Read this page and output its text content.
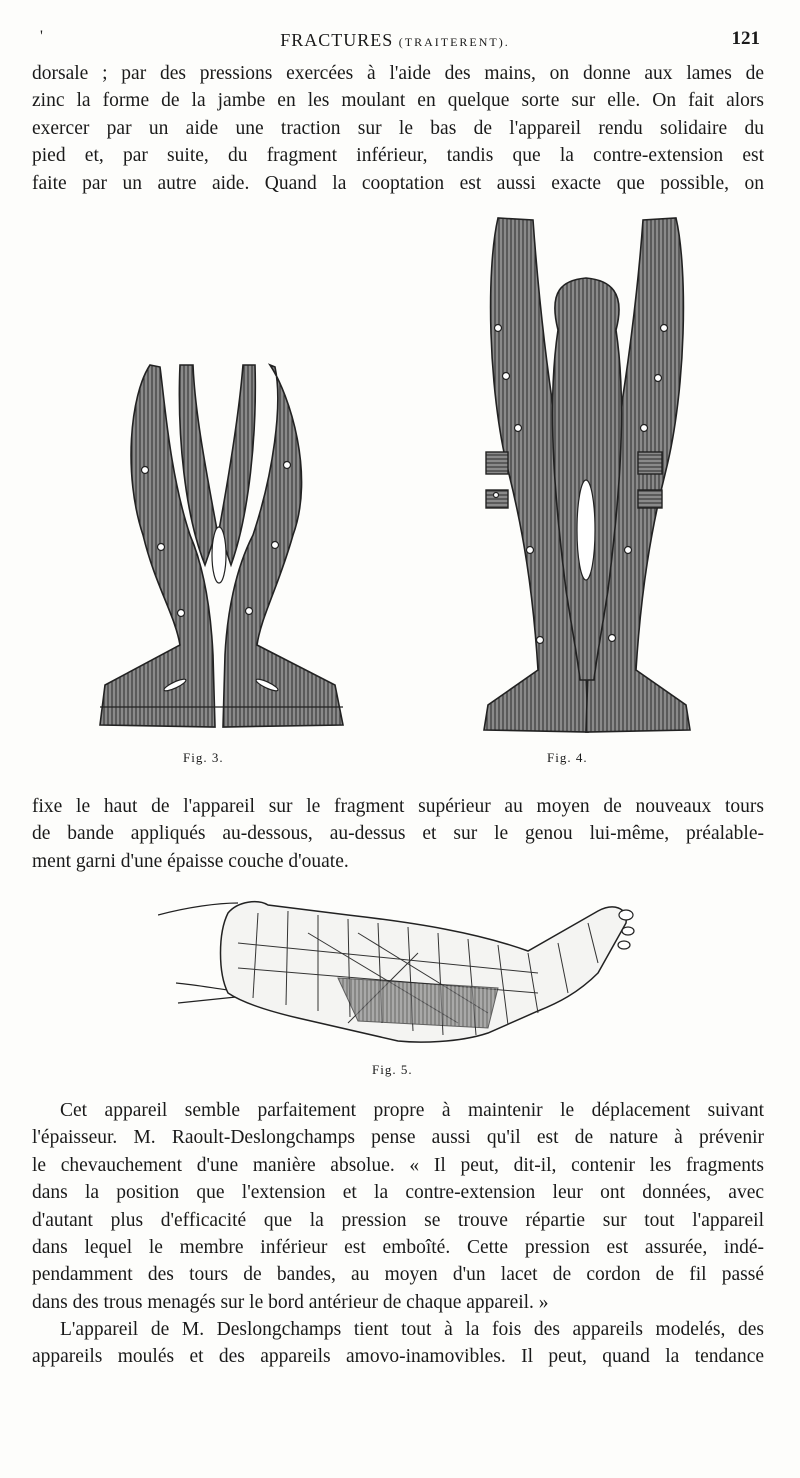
'	FRACTURES (TRAITERENT).	121
dorsale ; par des pressions exercées à l'aide des mains, on donne aux lames de
zinc la forme de la jambe en les moulant en quelque sorte sur elle. On fait alors
exercer par un aide une traction sur le bas de l'appareil rendu solidaire du
pied et, par suite, du fragment inférieur, tandis que la contre-extension est
faite par un autre aide. Quand la cooptation est aussi exacte que possible, on
Fig. 3.	Fig. 4.
fixe le haut de l'appareil sur le fragment supérieur au moyen de nouveaux tours
de bande appliqués au-dessous, au-dessus et sur le genou lui-même, préalable-
ment garni d'une épaisse couche d'ouate.
Fig. 5.
Cet appareil semble parfaitement propre à maintenir le déplacement suivant
l'épaisseur. M. Raoult-Deslongchamps pense aussi qu'il est de nature à prévenir
le chevauchement d'une manière absolue. « Il peut, dit-il, contenir les fragments
dans la position que l'extension et la contre-extension leur ont données, avec
d'autant plus d'efficacité que la pression se trouve répartie sur tout l'appareil
dans lequel le membre inférieur est emboîté. Cette pression est assurée, indé-
pendamment des tours de bandes, au moyen d'un lacet de cordon de fil passé
dans des trous menagés sur le bord antérieur de chaque appareil. »
L'appareil de M. Deslongchamps tient tout à la fois des appareils modelés, des
appareils moulés et des appareils amovo-inamovibles. Il peut, quand la tendance
